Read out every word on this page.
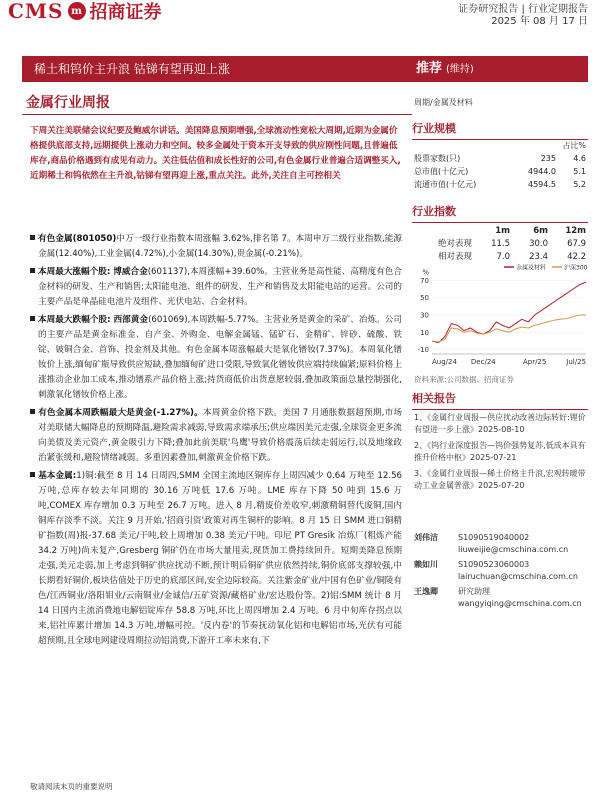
CMS m 招商证券	证券研究报告 | 行业定期报告
2025 年 08 月 17 日
稀土和钨价主升浪 钴锑有望再迎上涨	推荐 (维持)
金属行业周报	周期/金属及材料
下周关注美联储会议纪要及鲍威尔讲话。美国降息预期增强,全球流动性宽松大周期,近期为金属价格提供底部支持,远期提供上涨动力和空间。较多金属处于资本开支导致的供应刚性问题,且普遍低库存,商品价格遇到有成见有动力。关注低估值和成长性好的公司,有色金属行业普遍合适调整买入,近期稀土和钨依然在主升浪,钴锑有望再迎上涨,重点关注。此外,关注自主可控相关

有色金属(801050)中万一级行业指数本周涨幅 3.62%,排名第 7。本周申万二级行业指数,能源金属(12.40%),工业金属(4.72%),小金属(14.30%),贵金属(-0.21%)。

本周最大涨幅个股: 博威合金(601137),本周涨幅+39.60%。主营业务是高性能、高精度有色合金材料的研发、生产和销售;太阳能电池、组件的研发、生产和销售及太阳能电站的运营。公司的主要产品是单晶硅电池片及组件、光伏电站、合金材料。

本周最大跌幅个股: 西部黄金(601069),本周跌幅-5.77%。主营业务是黄金的采矿、冶炼。公司的主要产品是黄金标准金、自产金、外购金、电解金属锰、锰矿石、金精矿、锌砂、硫酸、铁锭、铍铜合金、首饰、投金剂及其他。有色金属本周涨幅最大是氧化镨钕(7.37%)。本周氧化镨钕价上涨,缅甸矿瓶导致供应短缺,叠加缅甸矿进口受限,导致氧化镨钕供应端持续偏紧;原料价格上涨推动企业加工成本,推动镨系产品价格上涨;持货商低价出货意愿较弱,叠加政策面总量控制强化,刺激氧化镨钕价格上涨。

有色金属本周跌幅最大是黄金(-1.27%)。本周黄金价格下跌。美国 7 月通胀数据超预期,市场对美联储大幅降息的预期降温,避险需求减弱,导致需求端承压;供应端因美元走强,全球资金更多流向美债及美元资产,黄金吸引力下降;叠加此前美联'鸟鹰'导致价格震荡后续走弱运行,以及地缘政治紧张缓和,避险情绪减弱。多重因素叠加,刺激黄金价格下跌。

基本金属:1)铜:截至 8 月 14 日周四,SMM 全国主流地区铜库存上周四减少 0.64 万吨至 12.56 万吨,总库存较去年同期的 30.16 万吨低 17.6 万吨。LME 库存下降 50 吨到 15.6 万吨,COMEX 库存增加 0.3 万吨至 26.7 万吨。进入 8 月,精废价差收窄,刺激精铜替代废铜,国内铜库存淡季不淡。关注 9 月开始,'招商引资'政策对再生铜杆的影响。8 月 15 日 SMM 进口铜精矿指数(周)报-37.68 美元/干吨,较上周增加 0.38 美元/干吨。印尼 PT Gresik 冶炼厂(粗炼产能 34.2 万吨)尚未复产,Gresberg 铜矿仍在市场大量甩卖,现货加工费持续回升。短期美降息预期走强,美元走弱,加上考虑到铜矿供应扰动不断,预计明后铜矿供应依然持续,铜价底部支撑较强,中长期看好铜价,板块估值处于历史的底部区间,安全边际较高。关注紫金矿业/中国有色矿业/铜陵有色/江西铜业/洛阳钼业/云南铜业/金诚信/五矿资源/藏格矿业/宏达股份等。2)铝:SMM 统计 8 月 14 日国内主流消费地电解铝锭库存 58.8 万吨,环比上周四增加 2.4 万吨。6 月中旬库存拐点以来,铝社库累计增加 14.3 万吨,增幅可控。'反内卷'的节奏抚动氧化铝和电解铝市场,光伏有可能超预期,且全球电网建设周期拉动铝消费,下游开工率未来有,下

行业规模
占比%
股票家数(只)	235	4.6
总市值(十亿元)	4944.0	5.1
流通市值(十亿元)	4594.5	5.2
行业指数
1m	6m	12m
绝对表现	11.5	30.0	67.9
相对表现	7.0	23.4	42.2
%
70
50
30
10
-10
Aug/24 Dec/24	Apr/25	Jul/25
金属及材料	沪深300
资料来源:公司数据、招商证券
相关报告
1、《金属行业周报—供应扰动改善边际转好:锂价有望进一步上涨》2025-08-10
2、《钨行业深度报告—钨价强势复苏,低成本具有推升价格中枢》2025-07-21
3、《金属行业周报—稀土价格主升浪,宏观转暖带动工业金属普涨》2025-07-20
刘伟洁	S1090519040002
liuweijie@cmschina.com.cn
赖如川	S1090523060003
lairuchuan@cmschina.com.cn
王逸卿	研究助理
wangyiqing@cmschina.com.cn
敬请阅读末页的重要说明
